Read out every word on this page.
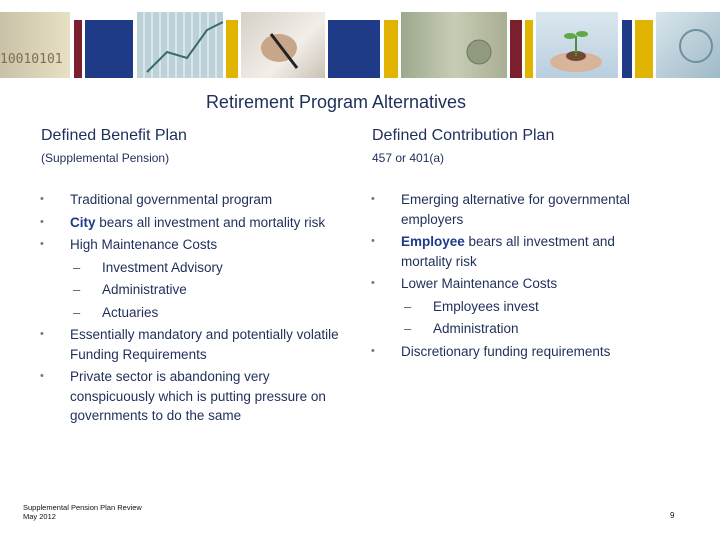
10010101
Retirement Program Alternatives
Defined Benefit Plan
(Supplemental Pension)
• Traditional governmental program
• City bears all investment and mortality risk
• High Maintenance Costs
– Investment Advisory
– Administrative
– Actuaries
• Essentially mandatory and potentially volatile Funding Requirements
• Private sector is abandoning very conspicuously which is putting pressure on governments to do the same
Defined Contribution Plan
457 or 401(a)
• Emerging alternative for governmental employers
• Employee bears all investment and mortality risk
• Lower Maintenance Costs
– Employees invest
– Administration
• Discretionary funding requirements
Supplemental Pension Plan Review
May 2012	9
